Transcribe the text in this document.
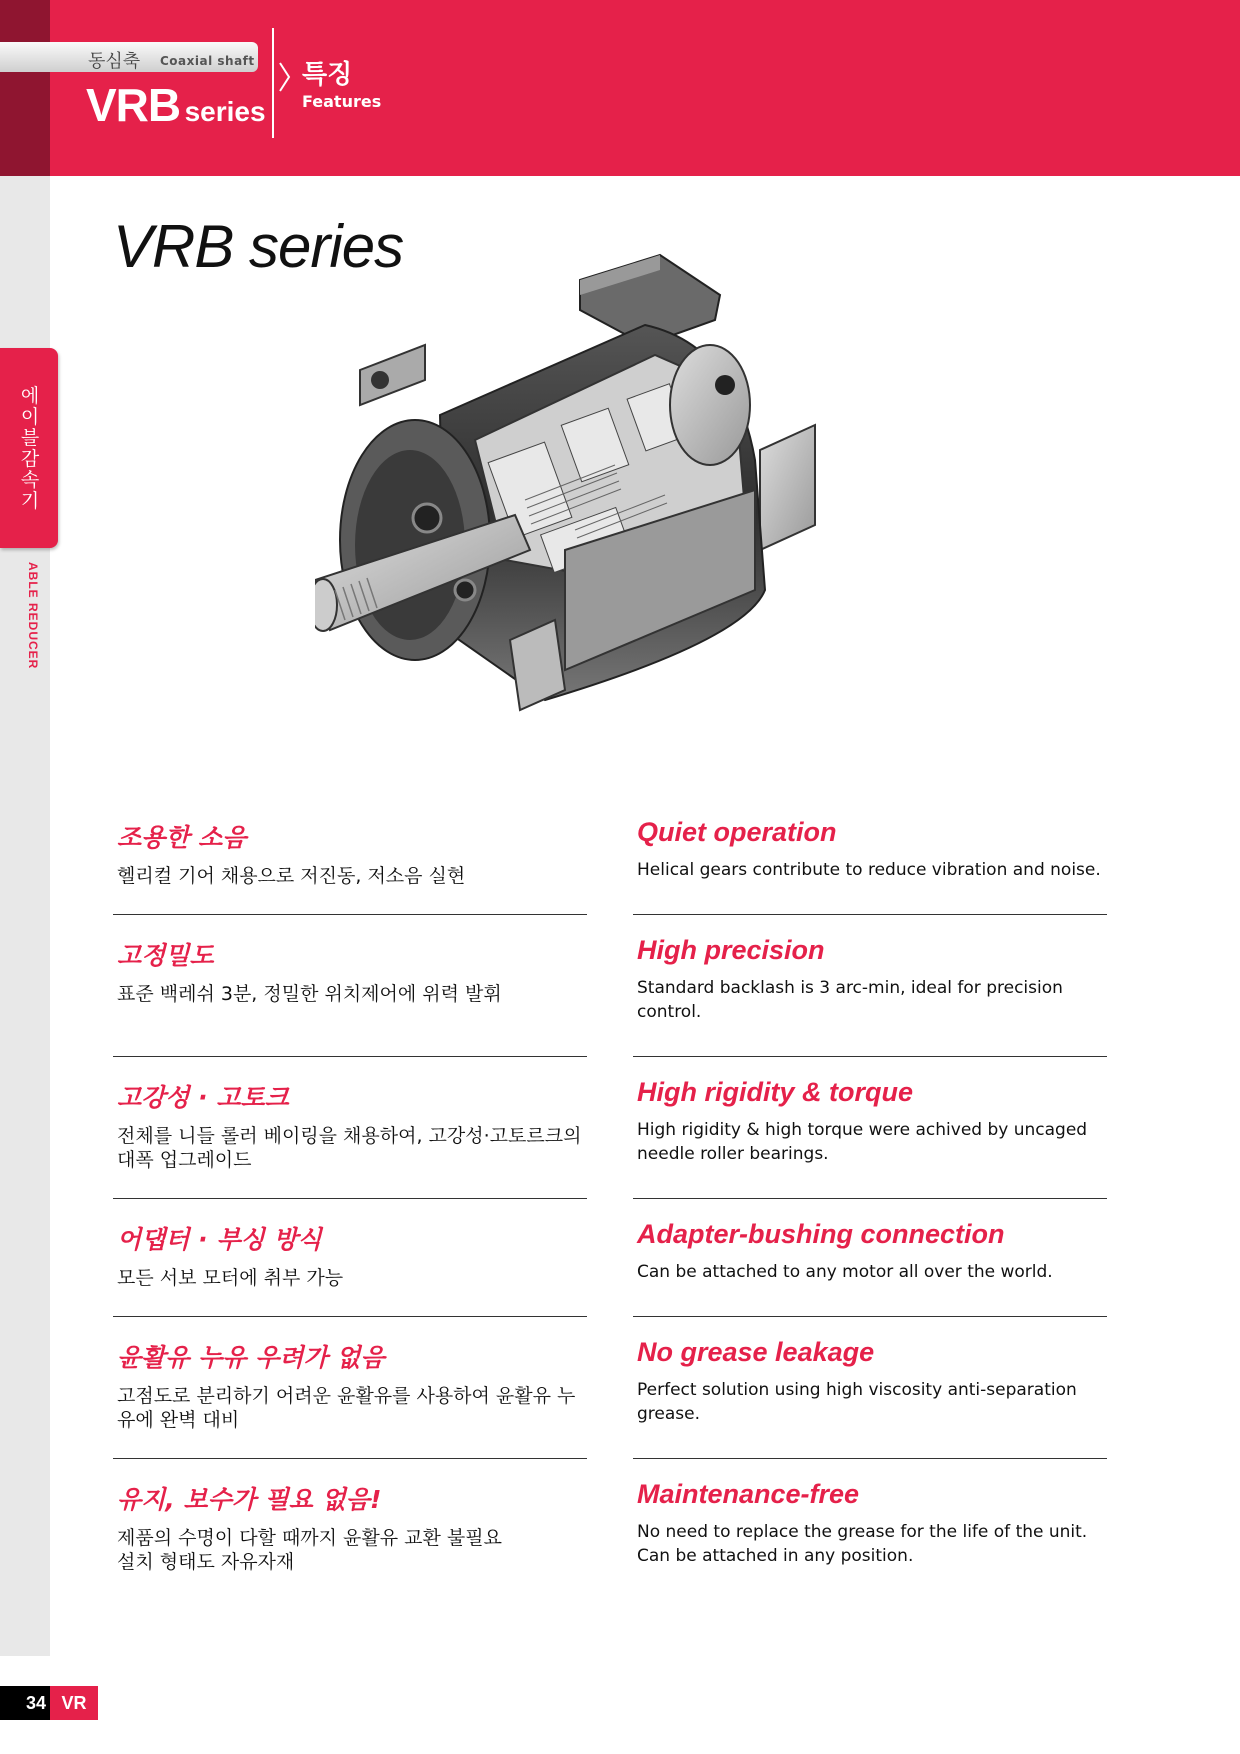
동심축 Coaxial shaft
VRB series
특징
Features
에이블감속기
ABLE REDUCER
VRB series
조용한 소음
헬리컬 기어 채용으로 저진동, 저소음 실현
Quiet operation
Helical gears contribute to reduce vibration and noise.
고정밀도
표준 백레쉬 3분, 정밀한 위치제어에 위력 발휘
High precision
Standard backlash is 3 arc-min, ideal for precision control.
고강성 · 고토크
전체를 니들 롤러 베이링을 채용하여, 고강성·고토르크의 대폭 업그레이드
High rigidity & torque
High rigidity & high torque were achived by uncaged needle roller bearings.
어댑터 · 부싱 방식
모든 서보 모터에 취부 가능
Adapter-bushing connection
Can be attached to any motor all over the world.
윤활유 누유 우려가 없음
고점도로 분리하기 어려운 윤활유를 사용하여 윤활유 누유에 완벽 대비
No grease leakage
Perfect solution using high viscosity anti-separation grease.
유지, 보수가 필요 없음!
제품의 수명이 다할 때까지 윤활유 교환 불필요
설치 형태도 자유자재
Maintenance-free
No need to replace the grease for the life of the unit.
Can be attached in any position.
34 VR
